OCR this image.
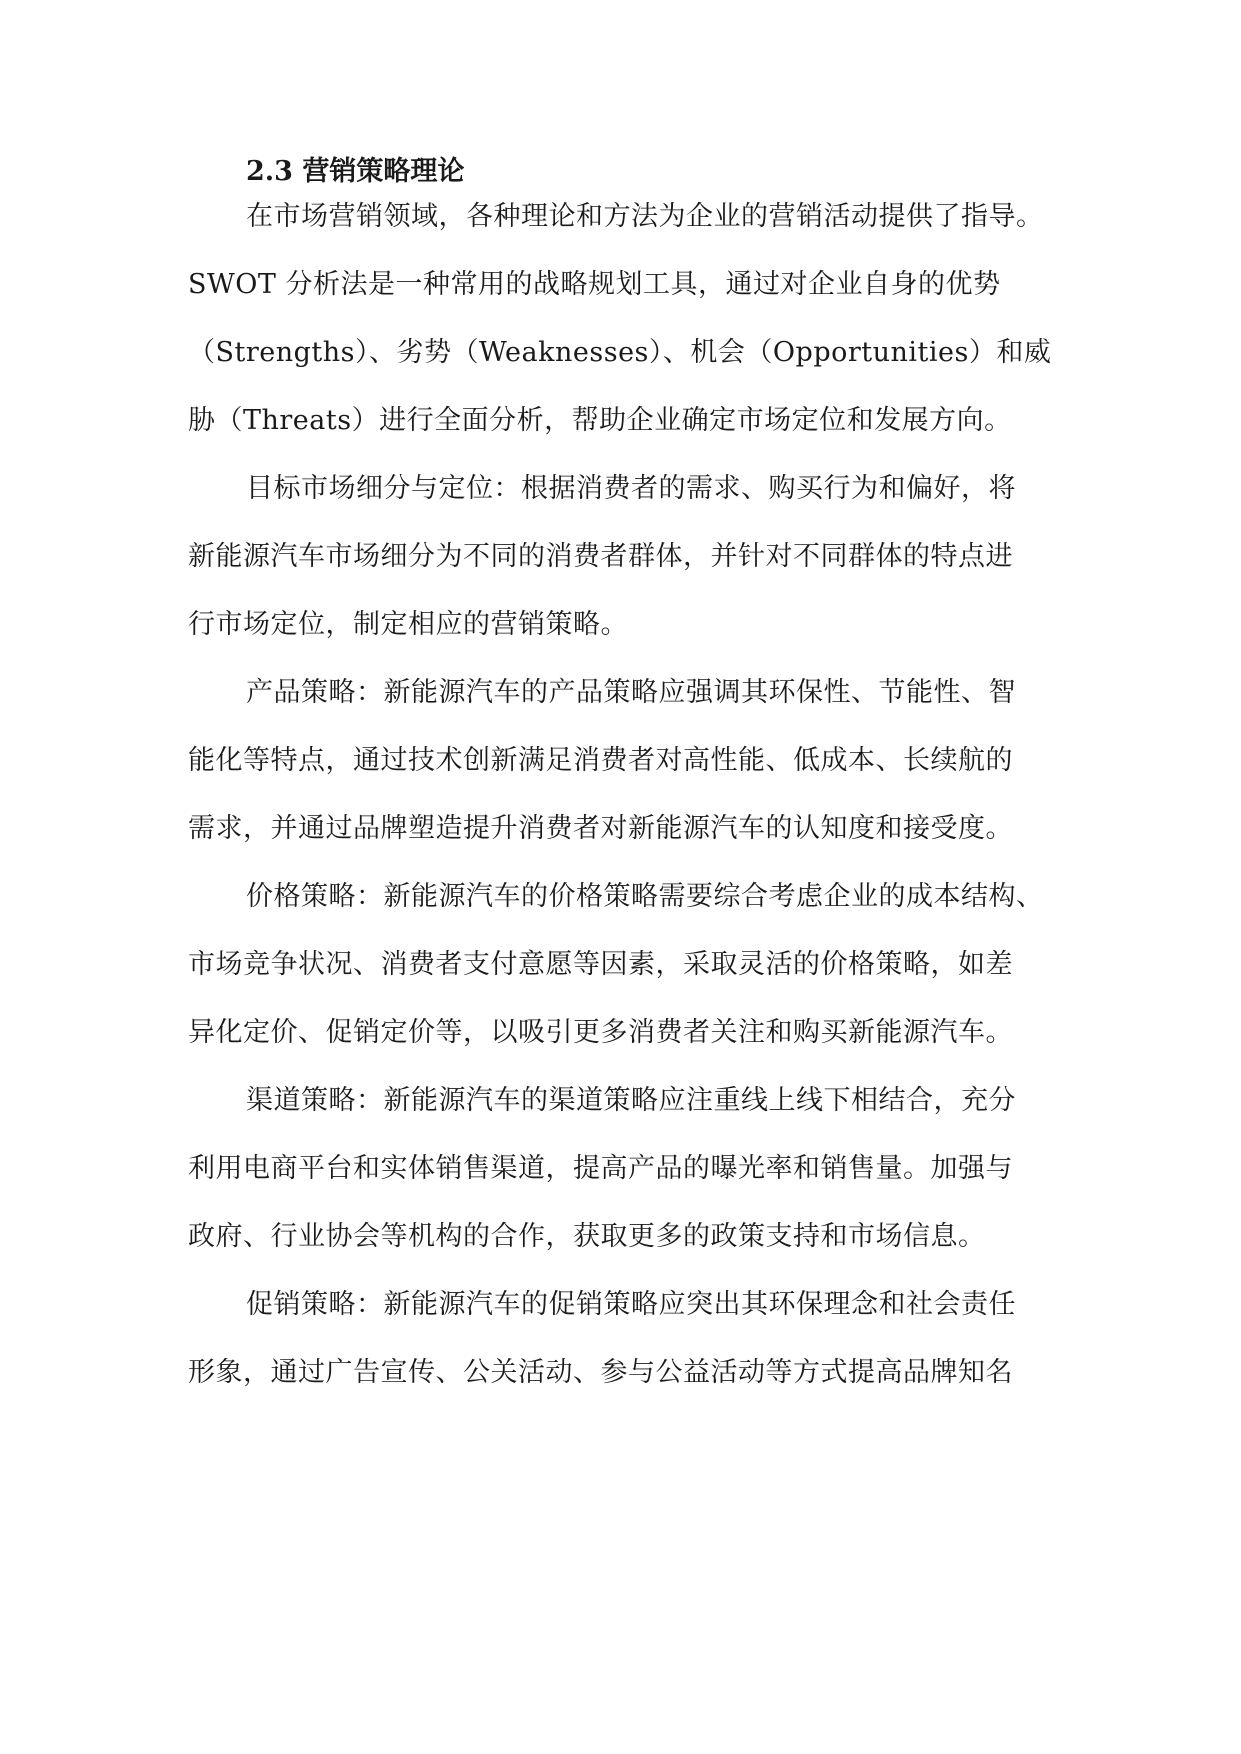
2.3 营销策略理论

在市场营销领域，各种理论和方法为企业的营销活动提供了指导。

SWOT 分析法是一种常用的战略规划工具，通过对企业自身的优势

（Strengths）、劣势（Weaknesses）、机会（Opportunities）和威

胁（Threats）进行全面分析，帮助企业确定市场定位和发展方向。

目标市场细分与定位：根据消费者的需求、购买行为和偏好，将

新能源汽车市场细分为不同的消费者群体，并针对不同群体的特点进

行市场定位，制定相应的营销策略。

产品策略：新能源汽车的产品策略应强调其环保性、节能性、智

能化等特点，通过技术创新满足消费者对高性能、低成本、长续航的

需求，并通过品牌塑造提升消费者对新能源汽车的认知度和接受度。

价格策略：新能源汽车的价格策略需要综合考虑企业的成本结构、

市场竞争状况、消费者支付意愿等因素，采取灵活的价格策略，如差

异化定价、促销定价等，以吸引更多消费者关注和购买新能源汽车。

渠道策略：新能源汽车的渠道策略应注重线上线下相结合，充分

利用电商平台和实体销售渠道，提高产品的曝光率和销售量。加强与

政府、行业协会等机构的合作，获取更多的政策支持和市场信息。

促销策略：新能源汽车的促销策略应突出其环保理念和社会责任

形象，通过广告宣传、公关活动、参与公益活动等方式提高品牌知名
